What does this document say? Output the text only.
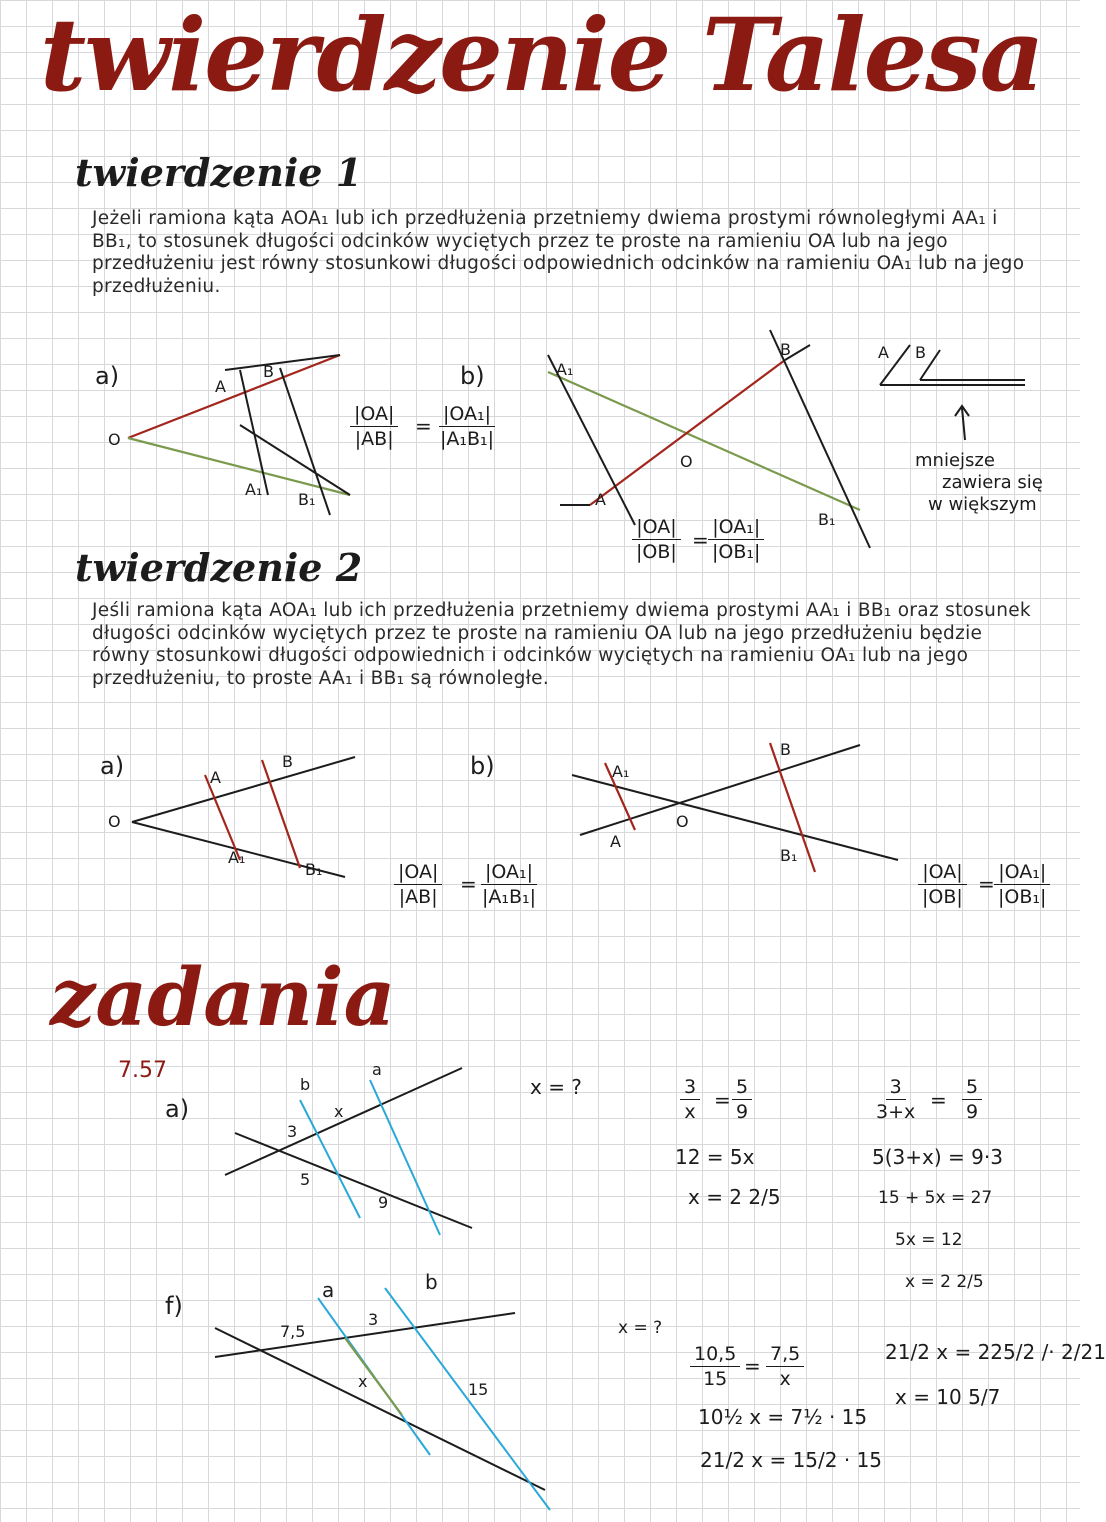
twierdzenie Talesa
twierdzenie 1
Jeżeli ramiona kąta AOA₁ lub ich przedłużenia przetniemy dwiema prostymi równoległymi AA₁ i BB₁, to stosunek długości odcinków wyciętych przez te proste na ramieniu OA lub na jego przedłużeniu jest równy stosunkowi długości odpowiednich odcinków na ramieniu OA₁ lub na jego przedłużeniu.
a)
O
A
B
A₁
B₁
b)
$\frac{|OA|}{|AB|} = \frac{\text{|OA₁|}}{\text{|A₁B₁|}}$
A₁
B
O
A
B₁
$\frac{|OA|}{|OB|} = \frac{\text{|OA₁|}}{\text{|OB₁|}}$
A B
mniejsze
zawiera się
w większym
twierdzenie 2
Jeśli ramiona kąta AOA₁ lub ich przedłużenia przetniemy dwiema prostymi AA₁ i BB₁ oraz stosunek długości odcinków wyciętych przez te proste na ramieniu OA lub na jego przedłużeniu będzie równy stosunkowi długości odpowiednich i odcinków wyciętych na ramieniu OA₁ lub na jego przedłużeniu, to proste AA₁ i BB₁ są równoległe.
a)
O
A
B
A₁
B₁	$\frac{|OA|}{|AB|} = \frac{\text{|OA₁|}}{\text{|A₁B₁|}}$
b)	A₁
B
O
A
B₁
$\frac{|OA|}{|OB|} = \frac{\text{|OA₁|}}{\text{|OB₁|}}$
zadania
7.57
a)
b
a
3
x
5
9
x = ?	$\frac{3}{x} = \frac{5}{9}$
12 = 5x
x = 2 2/5
$\frac{3}{3+x} = \frac{5}{9}$
5(3+x) = 9·3
15 + 5x = 27
5x = 12
x = 2 2/5
f)
a	b
7,5
3
x	15
x = ?
$\frac{10,5}{15} = \frac{7,5}{x}$
10½ x = 7½ · 15
21/2 x = 15/2 · 15
21/2 x = 225/2 /· 2/21
x = 10 5/7
